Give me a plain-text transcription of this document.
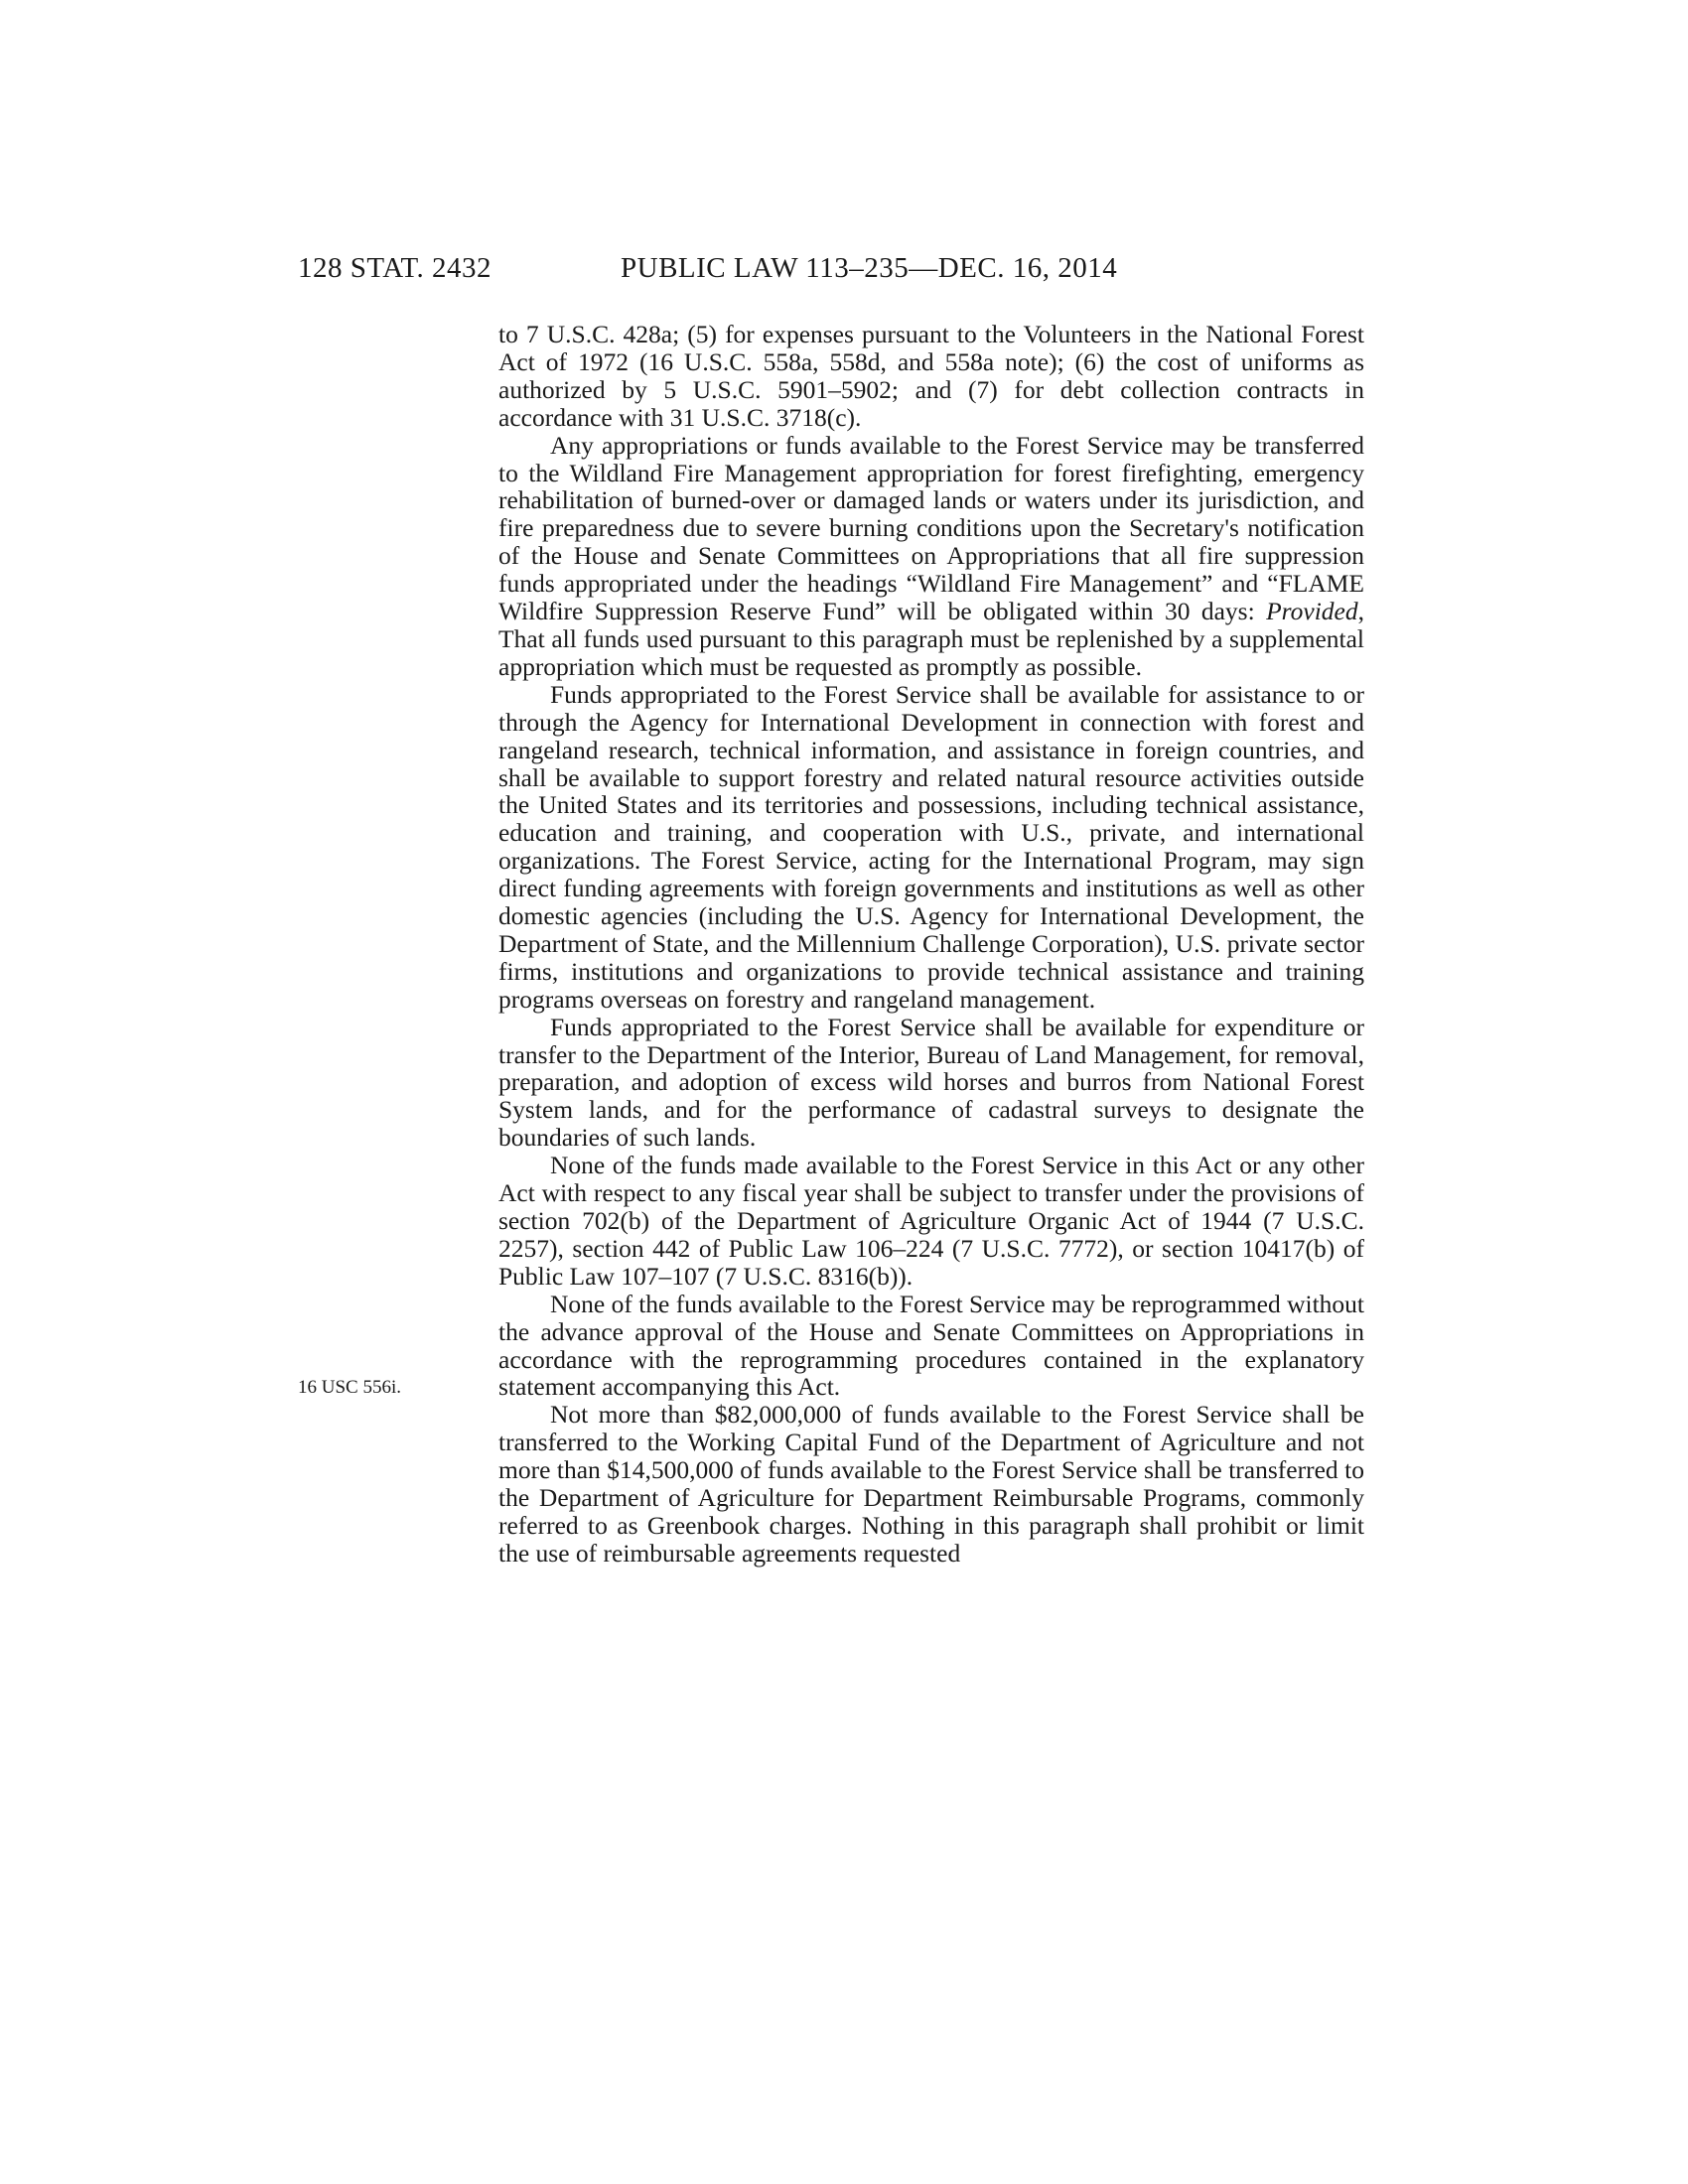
128 STAT. 2432	PUBLIC LAW 113–235—DEC. 16, 2014
16 USC 556i.

to 7 U.S.C. 428a; (5) for expenses pursuant to the Volunteers in the National Forest Act of 1972 (16 U.S.C. 558a, 558d, and 558a note); (6) the cost of uniforms as authorized by 5 U.S.C. 5901–5902; and (7) for debt collection contracts in accordance with 31 U.S.C. 3718(c).

Any appropriations or funds available to the Forest Service may be transferred to the Wildland Fire Management appropriation for forest firefighting, emergency rehabilitation of burned-over or damaged lands or waters under its jurisdiction, and fire preparedness due to severe burning conditions upon the Secretary's notification of the House and Senate Committees on Appropriations that all fire suppression funds appropriated under the headings “Wildland Fire Management” and “FLAME Wildfire Suppression Reserve Fund” will be obligated within 30 days: Provided, That all funds used pursuant to this paragraph must be replenished by a supplemental appropriation which must be requested as promptly as possible.

Funds appropriated to the Forest Service shall be available for assistance to or through the Agency for International Development in connection with forest and rangeland research, technical information, and assistance in foreign countries, and shall be available to support forestry and related natural resource activities outside the United States and its territories and possessions, including technical assistance, education and training, and cooperation with U.S., private, and international organizations. The Forest Service, acting for the International Program, may sign direct funding agreements with foreign governments and institutions as well as other domestic agencies (including the U.S. Agency for International Development, the Department of State, and the Millennium Challenge Corporation), U.S. private sector firms, institutions and organizations to provide technical assistance and training programs overseas on forestry and rangeland management.

Funds appropriated to the Forest Service shall be available for expenditure or transfer to the Department of the Interior, Bureau of Land Management, for removal, preparation, and adoption of excess wild horses and burros from National Forest System lands, and for the performance of cadastral surveys to designate the boundaries of such lands.

None of the funds made available to the Forest Service in this Act or any other Act with respect to any fiscal year shall be subject to transfer under the provisions of section 702(b) of the Department of Agriculture Organic Act of 1944 (7 U.S.C. 2257), section 442 of Public Law 106–224 (7 U.S.C. 7772), or section 10417(b) of Public Law 107–107 (7 U.S.C. 8316(b)).

None of the funds available to the Forest Service may be reprogrammed without the advance approval of the House and Senate Committees on Appropriations in accordance with the reprogramming procedures contained in the explanatory statement accompanying this Act.

Not more than $82,000,000 of funds available to the Forest Service shall be transferred to the Working Capital Fund of the Department of Agriculture and not more than $14,500,000 of funds available to the Forest Service shall be transferred to the Department of Agriculture for Department Reimbursable Programs, commonly referred to as Greenbook charges. Nothing in this paragraph shall prohibit or limit the use of reimbursable agreements requested
